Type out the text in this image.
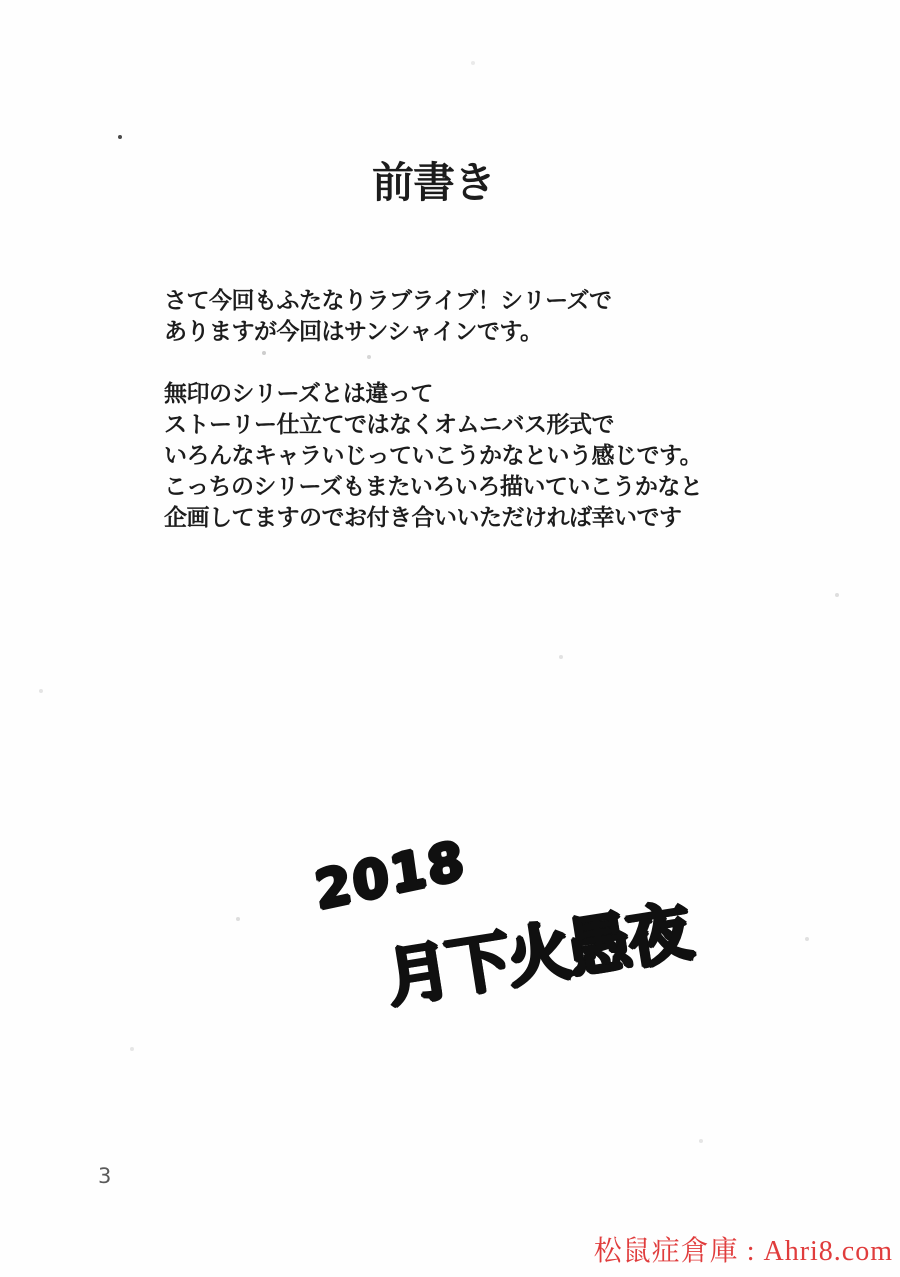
前書き
さて今回もふたなりラブライブ！シリーズで
ありますが今回はサンシャインです。
無印のシリーズとは違って
ストーリー仕立てではなくオムニバス形式で
いろんなキャラいじっていこうかなという感じです。
こっちのシリーズもまたいろいろ描いていこうかなと
企画してますのでお付き合いいただければ幸いです
2018
月下火愚夜
3
松鼠症倉庫 : Ahri8.com
